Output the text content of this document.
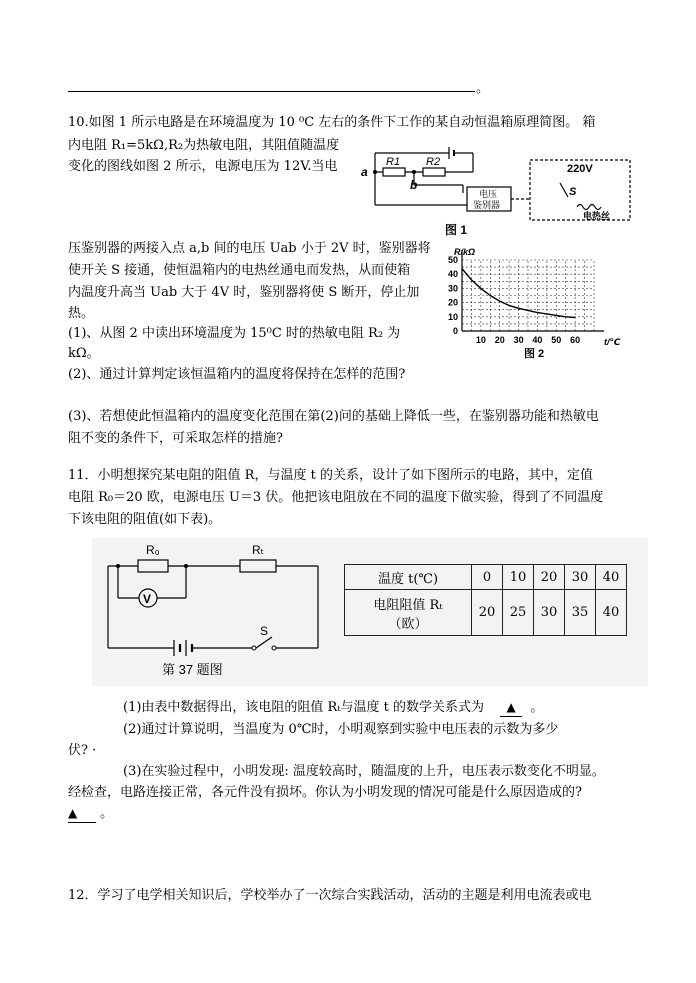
。
10.如图 1 所示电路是在环境温度为 10 ⁰C 左右的条件下工作的某自动恒温箱原理简图。 箱
内电阻 R₁=5kΩ,R₂为热敏电阻，其阻值随温度
变化的图线如图 2 所示，电源电压为 12V.当电 a
b
R1 R2
电压
鉴别器
220V
S
电热丝
图 1
压鉴别器的两接入点 a,b 间的电压 Uab 小于 2V 时，鉴别器将
使开关 S 接通，使恒温箱内的电热丝通电而发热，从而使箱
内温度升高当 Uab 大于 4V 时，鉴别器将使 S 断开，停止加
热。
(1)、从图 2 中读出环境温度为 15⁰C 时的热敏电阻 R₂ 为
kΩ。
(2)、通过计算判定该恒温箱内的温度将保持在怎样的范围?
10 20 30 40 50 60
0
10
20
30
40
50
R/kΩ
t/℃
图 2
(3)、若想使此恒温箱内的温度变化范围在第(2)问的基础上降低一些，在鉴别器功能和热敏电
阻不变的条件下，可采取怎样的措施?
11．小明想探究某电阻的阻值 R，与温度 t 的关系，设计了如下图所示的电路，其中，定值
电阻 R₀＝20 欧，电源电压 U＝3 伏。他把该电阻放在不同的温度下做实验，得到了不同温度
下该电阻的阻值(如下表)。
R₀	Rₜ
V
S
第 37 题图
温度 t(℃)	0	10	20	30	40

电阻阻值 Rₜ
（欧）	20	25	30	35	40
(1)由表中数据得出，该电阻的阻值 Rₜ与温度 t 的数学关系式为 ▲ 。
(2)通过计算说明，当温度为 0℃时，小明观察到实验中电压表的示数为多少
伏? ·
(3)在实验过程中，小明发现: 温度较高时，随温度的上升，电压表示数变化不明显。
经检查，电路连接正常，各元件没有损坏。你认为小明发现的情况可能是什么原因造成的?
▲ 。
12．学习了电学相关知识后，学校举办了一次综合实践活动，活动的主题是利用电流表或电
